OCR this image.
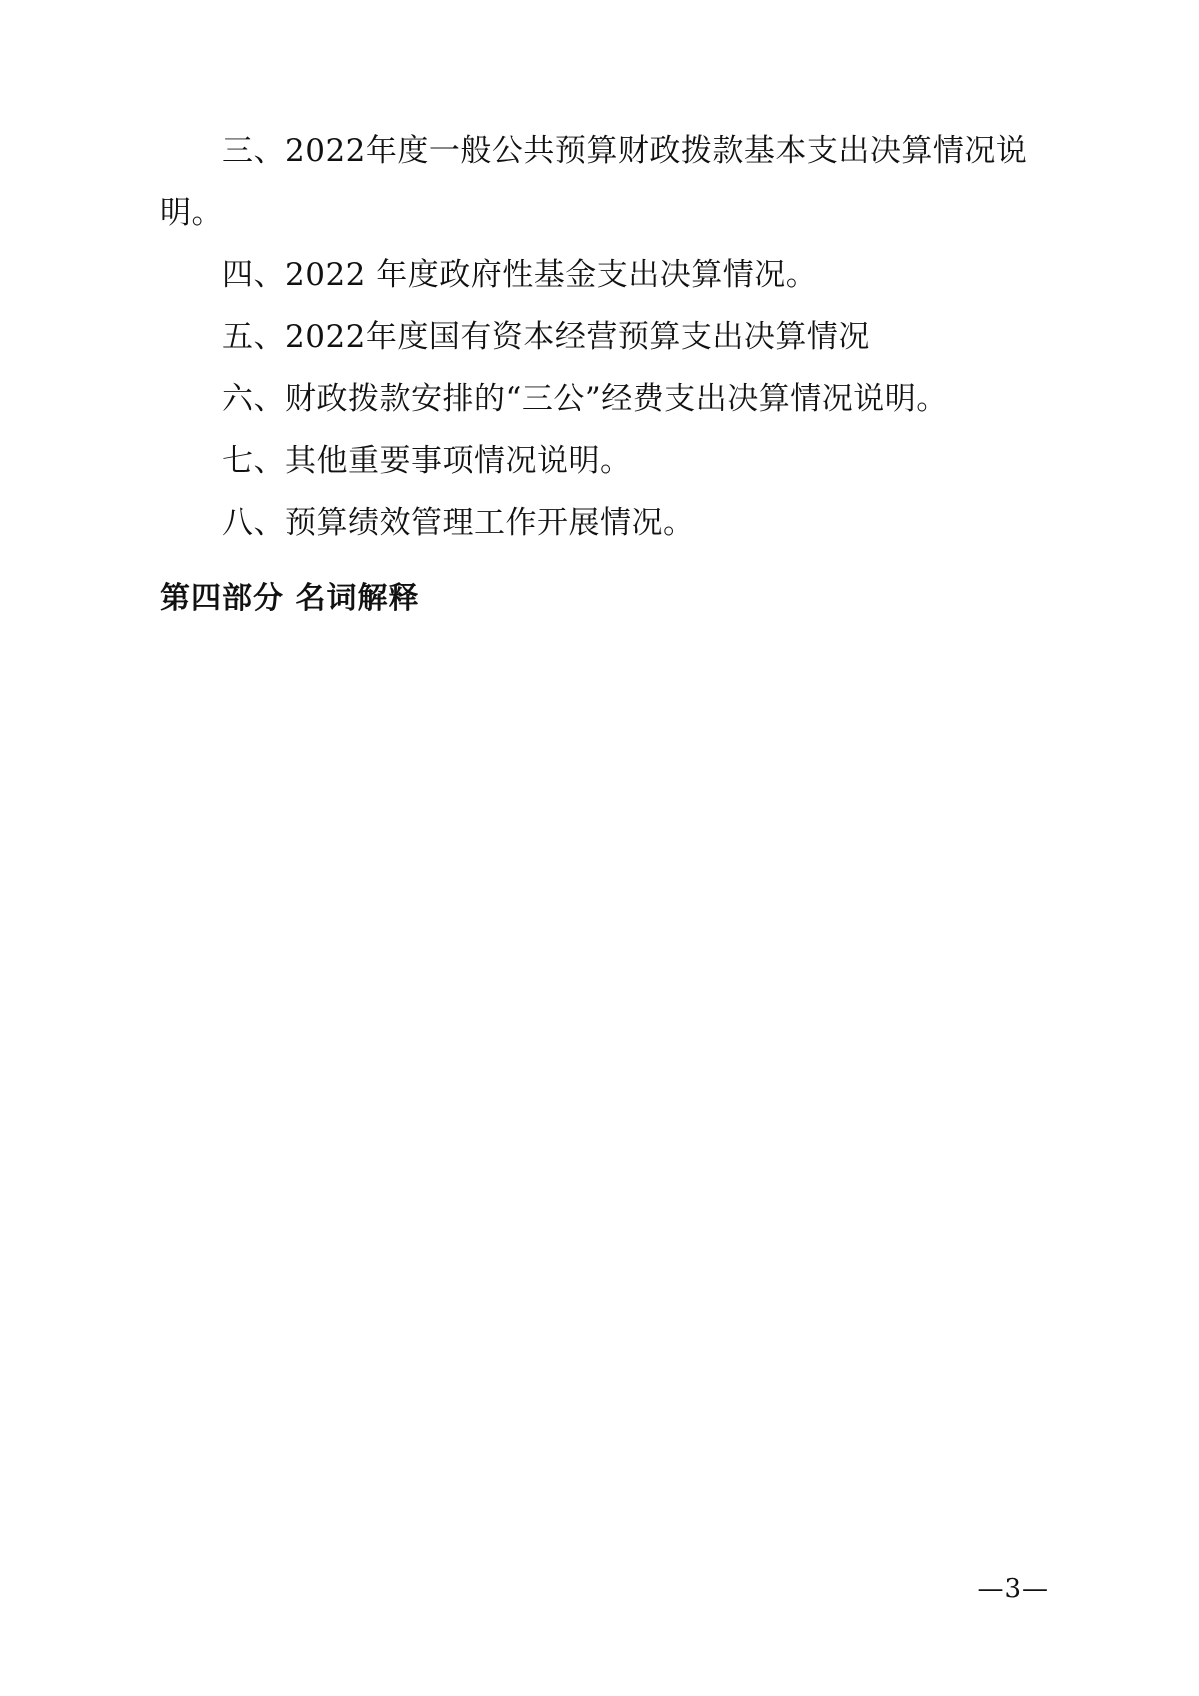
三、2022年度一般公共预算财政拨款基本支出决算情况说明。

四、2022 年度政府性基金支出决算情况。

五、2022年度国有资本经营预算支出决算情况

六、财政拨款安排的“三公”经费支出决算情况说明。

七、其他重要事项情况说明。

八、预算绩效管理工作开展情况。

第四部分 名词解释
—3—
